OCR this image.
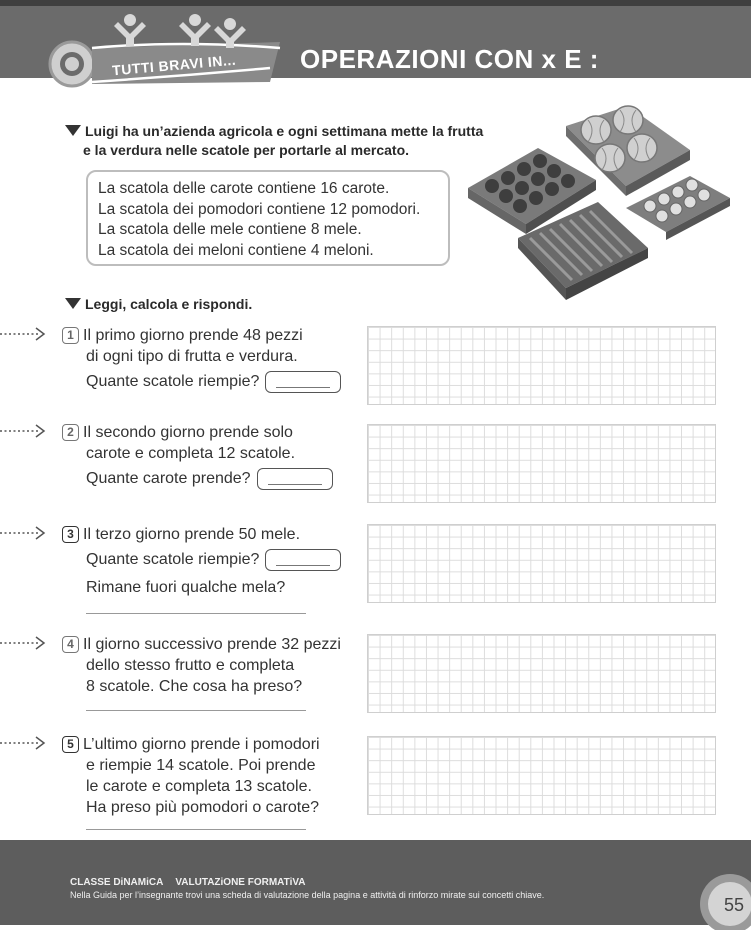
TUTTI BRAVI IN... OPERAZIONI CON x E :
Luigi ha un’azienda agricola e ogni settimana mette la frutta
e la verdura nelle scatole per portarle al mercato.
La scatola delle carote contiene 16 carote.
La scatola dei pomodori contiene 12 pomodori.
La scatola delle mele contiene 8 mele.
La scatola dei meloni contiene 4 meloni.
Leggi, calcola e rispondi.
1 Il primo giorno prende 48 pezzi
di ogni tipo di frutta e verdura.
Quante scatole riempie?
2 Il secondo giorno prende solo
carote e completa 12 scatole.
Quante carote prende?
3 Il terzo giorno prende 50 mele.
Quante scatole riempie?
Rimane fuori qualche mela?
4 Il giorno successivo prende 32 pezzi
dello stesso frutto e completa
8 scatole. Che cosa ha preso?
5 L’ultimo giorno prende i pomodori
e riempie 14 scatole. Poi prende
le carote e completa 13 scatole.
Ha preso più pomodori o carote?
CLASSE DiNAMiCA VALUTAZiONE FORMATiVA
Nella Guida per l’insegnante trovi una scheda di valutazione della pagina e attività di rinforzo mirate sui concetti chiave.	55
